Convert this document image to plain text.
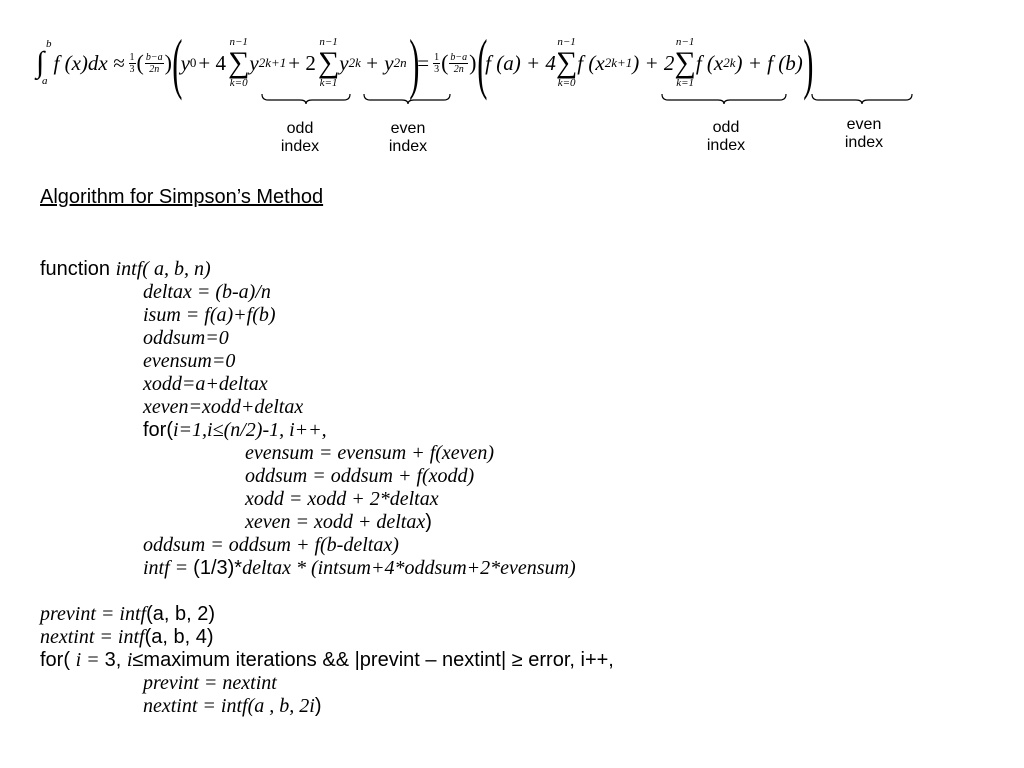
b
∫
a
f $(x)dx \approx \frac{1}{3}$ ( $\frac{b-a}{2n}$ ) (
y 0 + 4
n−1
∑
k=0
y 2k+1 + 2
n−1
∑
k=1
y 2k + y 2n )
= $\frac{1}{3}$ ( $\frac{b-a}{2n}$ ) (
f (a) + 4
n−1
∑
k=0
f (x 2k+1 ) + 2
n−1
∑
k=1
f (x 2k ) + f (b) )
odd
index
even
index
odd
index
even
index
Algorithm for Simpson’s Method
function intf( a, b, n)
deltax = (b-a)/n
isum = f(a)+f(b)
oddsum=0
evensum=0
xodd=a+deltax
xeven=xodd+deltax
for(i=1,i≤(n/2)-1, i++,
evensum = evensum + f(xeven)
oddsum = oddsum + f(xodd)
xodd = xodd + 2*deltax
xeven = xodd + deltax)
oddsum = oddsum + f(b-deltax)
intf = (1/3)*deltax * (intsum+4*oddsum+2*evensum)
prevint = intf(a, b, 2)
nextint = intf(a, b, 4)
for( i = 3, i≤maximum iterations && |prevint – nextint| ≥ error, i++,
prevint = nextint
nextint = intf(a , b, 2i)
